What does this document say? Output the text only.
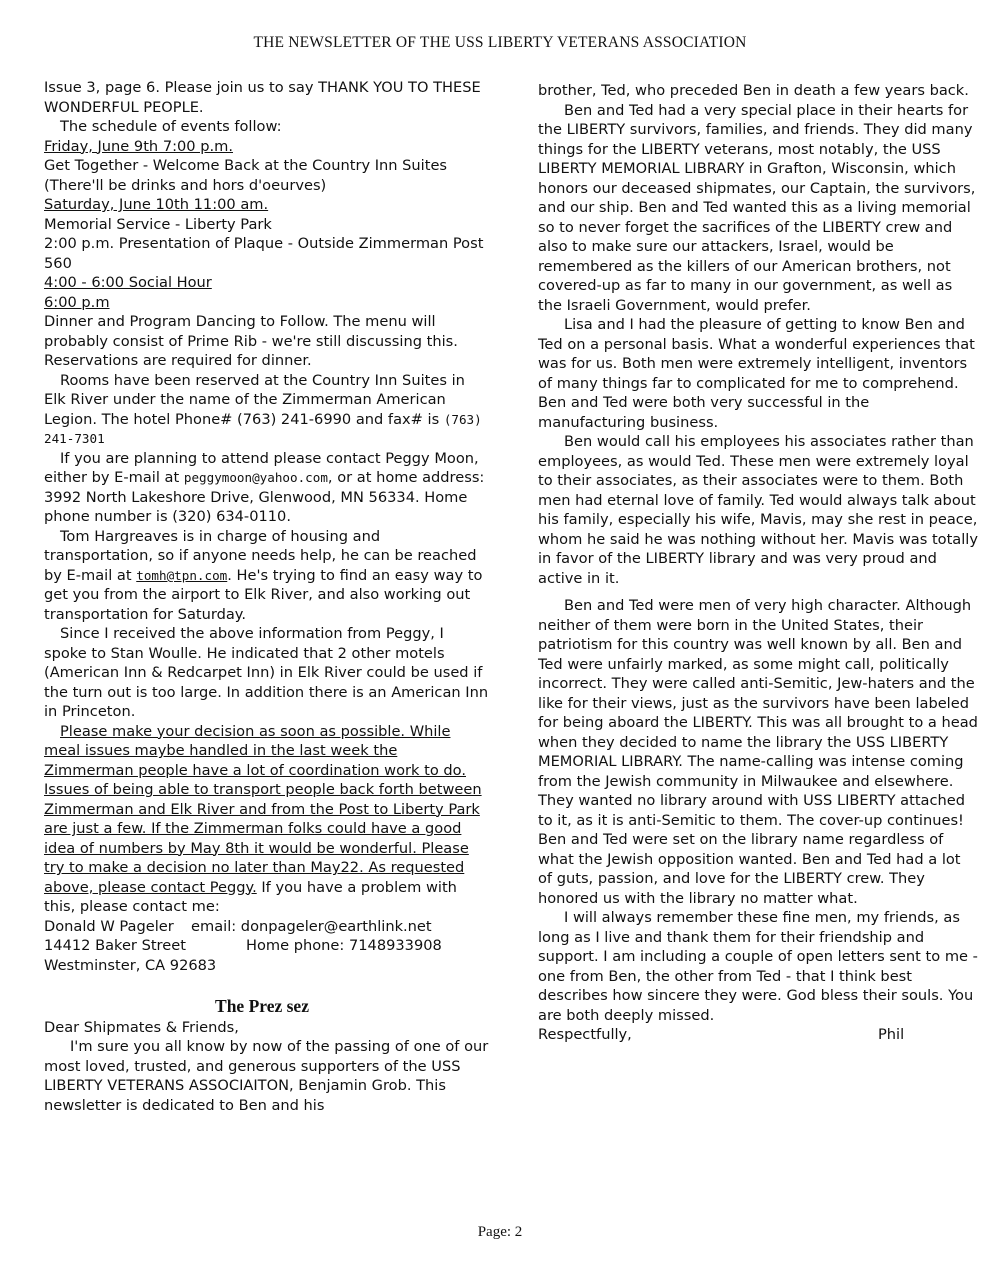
THE NEWSLETTER OF THE USS LIBERTY VETERANS ASSOCIATION

Issue 3, page 6. Please join us to say THANK YOU TO THESE WONDERFUL PEOPLE.

The schedule of events follow:

Friday, June 9th 7:00 p.m.

Get Together - Welcome Back at the Country Inn Suites (There'll be drinks and hors d'oeurves)

Saturday, June 10th 11:00 am.

Memorial Service - Liberty Park

2:00 p.m. Presentation of Plaque - Outside Zimmerman Post 560

4:00 - 6:00 Social Hour

6:00 p.m

Dinner and Program Dancing to Follow. The menu will probably consist of Prime Rib - we're still discussing this. Reservations are required for dinner.

Rooms have been reserved at the Country Inn Suites in Elk River under the name of the Zimmerman American Legion. The hotel Phone# (763) 241-6990 and fax# is (763) 241-7301

If you are planning to attend please contact Peggy Moon, either by E-mail at peggymoon@yahoo.com, or at home address: 3992 North Lakeshore Drive, Glenwood, MN 56334. Home phone number is (320) 634-0110.

Tom Hargreaves is in charge of housing and transportation, so if anyone needs help, he can be reached by E-mail at tomh@tpn.com. He's trying to find an easy way to get you from the airport to Elk River, and also working out transportation for Saturday.

Since I received the above information from Peggy, I spoke to Stan Woulle. He indicated that 2 other motels (American Inn & Redcarpet Inn) in Elk River could be used if the turn out is too large. In addition there is an American Inn in Princeton.

Please make your decision as soon as possible. While meal issues maybe handled in the last week the Zimmerman people have a lot of coordination work to do. Issues of being able to transport people back forth between Zimmerman and Elk River and from the Post to Liberty Park are just a few. If the Zimmerman folks could have a good idea of numbers by May 8th it would be wonderful. Please try to make a decision no later than May22. As requested above, please contact Peggy. If you have a problem with this, please contact me:

Donald W Pageler	email: donpageler@earthlink.net
14412 Baker Street	Home phone: 7148933908

Westminster, CA 92683

The Prez sez

Dear Shipmates & Friends,

I'm sure you all know by now of the passing of one of our most loved, trusted, and generous supporters of the USS LIBERTY VETERANS ASSOCIAITON, Benjamin Grob. This newsletter is dedicated to Ben and his

brother, Ted, who preceded Ben in death a few years back.

Ben and Ted had a very special place in their hearts for the LIBERTY survivors, families, and friends. They did many things for the LIBERTY veterans, most notably, the USS LIBERTY MEMORIAL LIBRARY in Grafton, Wisconsin, which honors our deceased shipmates, our Captain, the survivors, and our ship. Ben and Ted wanted this as a living memorial so to never forget the sacrifices of the LIBERTY crew and also to make sure our attackers, Israel, would be remembered as the killers of our American brothers, not covered-up as far to many in our government, as well as the Israeli Government, would prefer.

Lisa and I had the pleasure of getting to know Ben and Ted on a personal basis. What a wonderful experiences that was for us. Both men were extremely intelligent, inventors of many things far to complicated for me to comprehend. Ben and Ted were both very successful in the manufacturing business.

Ben would call his employees his associates rather than employees, as would Ted. These men were extremely loyal to their associates, as their associates were to them. Both men had eternal love of family. Ted would always talk about his family, especially his wife, Mavis, may she rest in peace, whom he said he was nothing without her. Mavis was totally in favor of the LIBERTY library and was very proud and active in it.

Ben and Ted were men of very high character. Although neither of them were born in the United States, their patriotism for this country was well known by all. Ben and Ted were unfairly marked, as some might call, politically incorrect. They were called anti-Semitic, Jew-haters and the like for their views, just as the survivors have been labeled for being aboard the LIBERTY. This was all brought to a head when they decided to name the library the USS LIBERTY MEMORIAL LIBRARY. The name-calling was intense coming from the Jewish community in Milwaukee and elsewhere. They wanted no library around with USS LIBERTY attached to it, as it is anti-Semitic to them. The cover-up continues! Ben and Ted were set on the library name regardless of what the Jewish opposition wanted. Ben and Ted had a lot of guts, passion, and love for the LIBERTY crew. They honored us with the library no matter what.

I will always remember these fine men, my friends, as long as I live and thank them for their friendship and support. I am including a couple of open letters sent to me - one from Ben, the other from Ted - that I think best describes how sincere they were. God bless their souls. You are both deeply missed.

Respectfully,	Phil
Page: 2
